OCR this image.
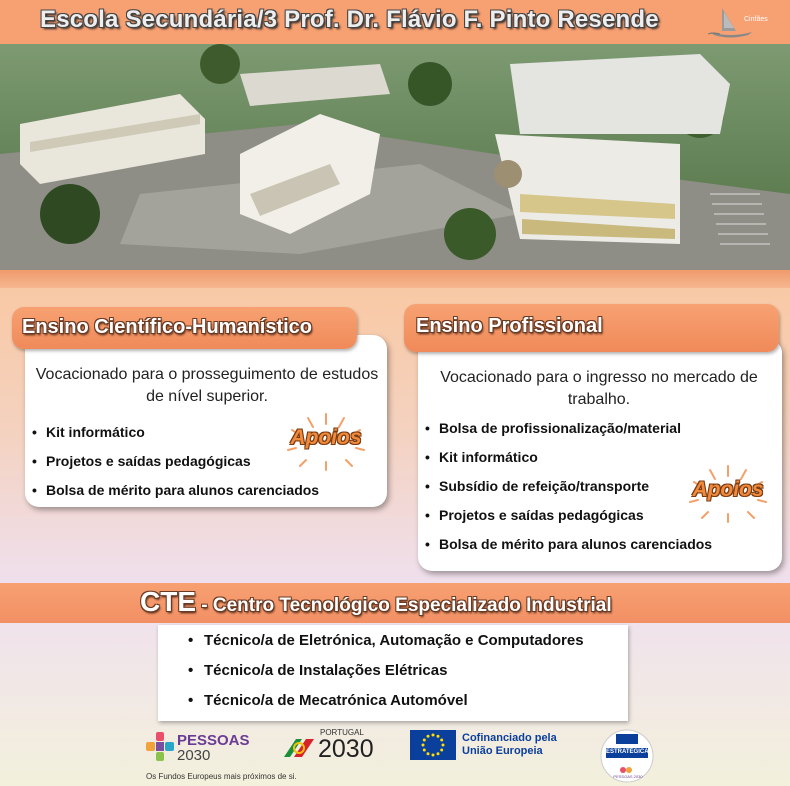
Escola Secundária/3 Prof. Dr. Flávio F. Pinto Resende	Cinfães
Ensino Científico-Humanístico
Vocacionado para o prosseguimento de estudos de nível superior.
• Kit informático
• Projetos e saídas pedagógicas
• Bolsa de mérito para alunos carenciados
Apoios
Ensino Profissional
Vocacionado para o ingresso no mercado de trabalho.
• Bolsa de profissionalização/material
• Kit informático
• Subsídio de refeição/transporte
• Projetos e saídas pedagógicas
• Bolsa de mérito para alunos carenciados
Apoios
CTE - Centro Tecnológico Especializado Industrial
• Técnico/a de Eletrónica, Automação e Computadores
• Técnico/a de Instalações Elétricas
• Técnico/a de Mecatrónica Automóvel
PESSOAS
2030
PORTUGAL
2030	Cofinanciado pela
União Europeia	ESTRATÉGICA
PESSOAS 2030
Os Fundos Europeus mais próximos de si.
